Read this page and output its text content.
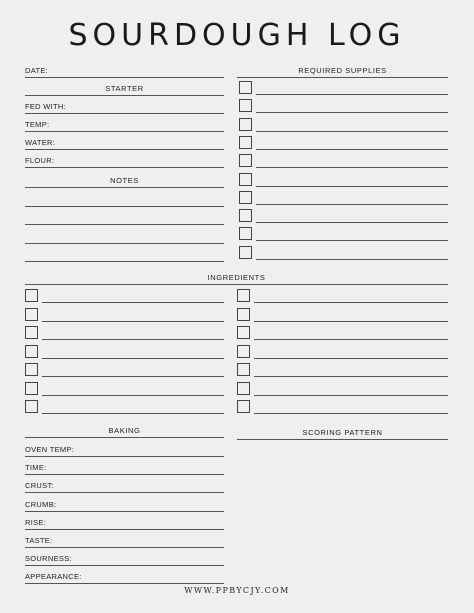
SOURDOUGH LOG
DATE:
STARTER
FED WITH:
TEMP:
WATER:
FLOUR:
NOTES
REQUIRED SUPPLIES
INGREDIENTS
BAKING
OVEN TEMP:
TIME:
CRUST:
CRUMB:
RISE:
TASTE:
SOURNESS:
APPEARANCE:
SCORING PATTERN
WWW.PPBYCJY.COM
